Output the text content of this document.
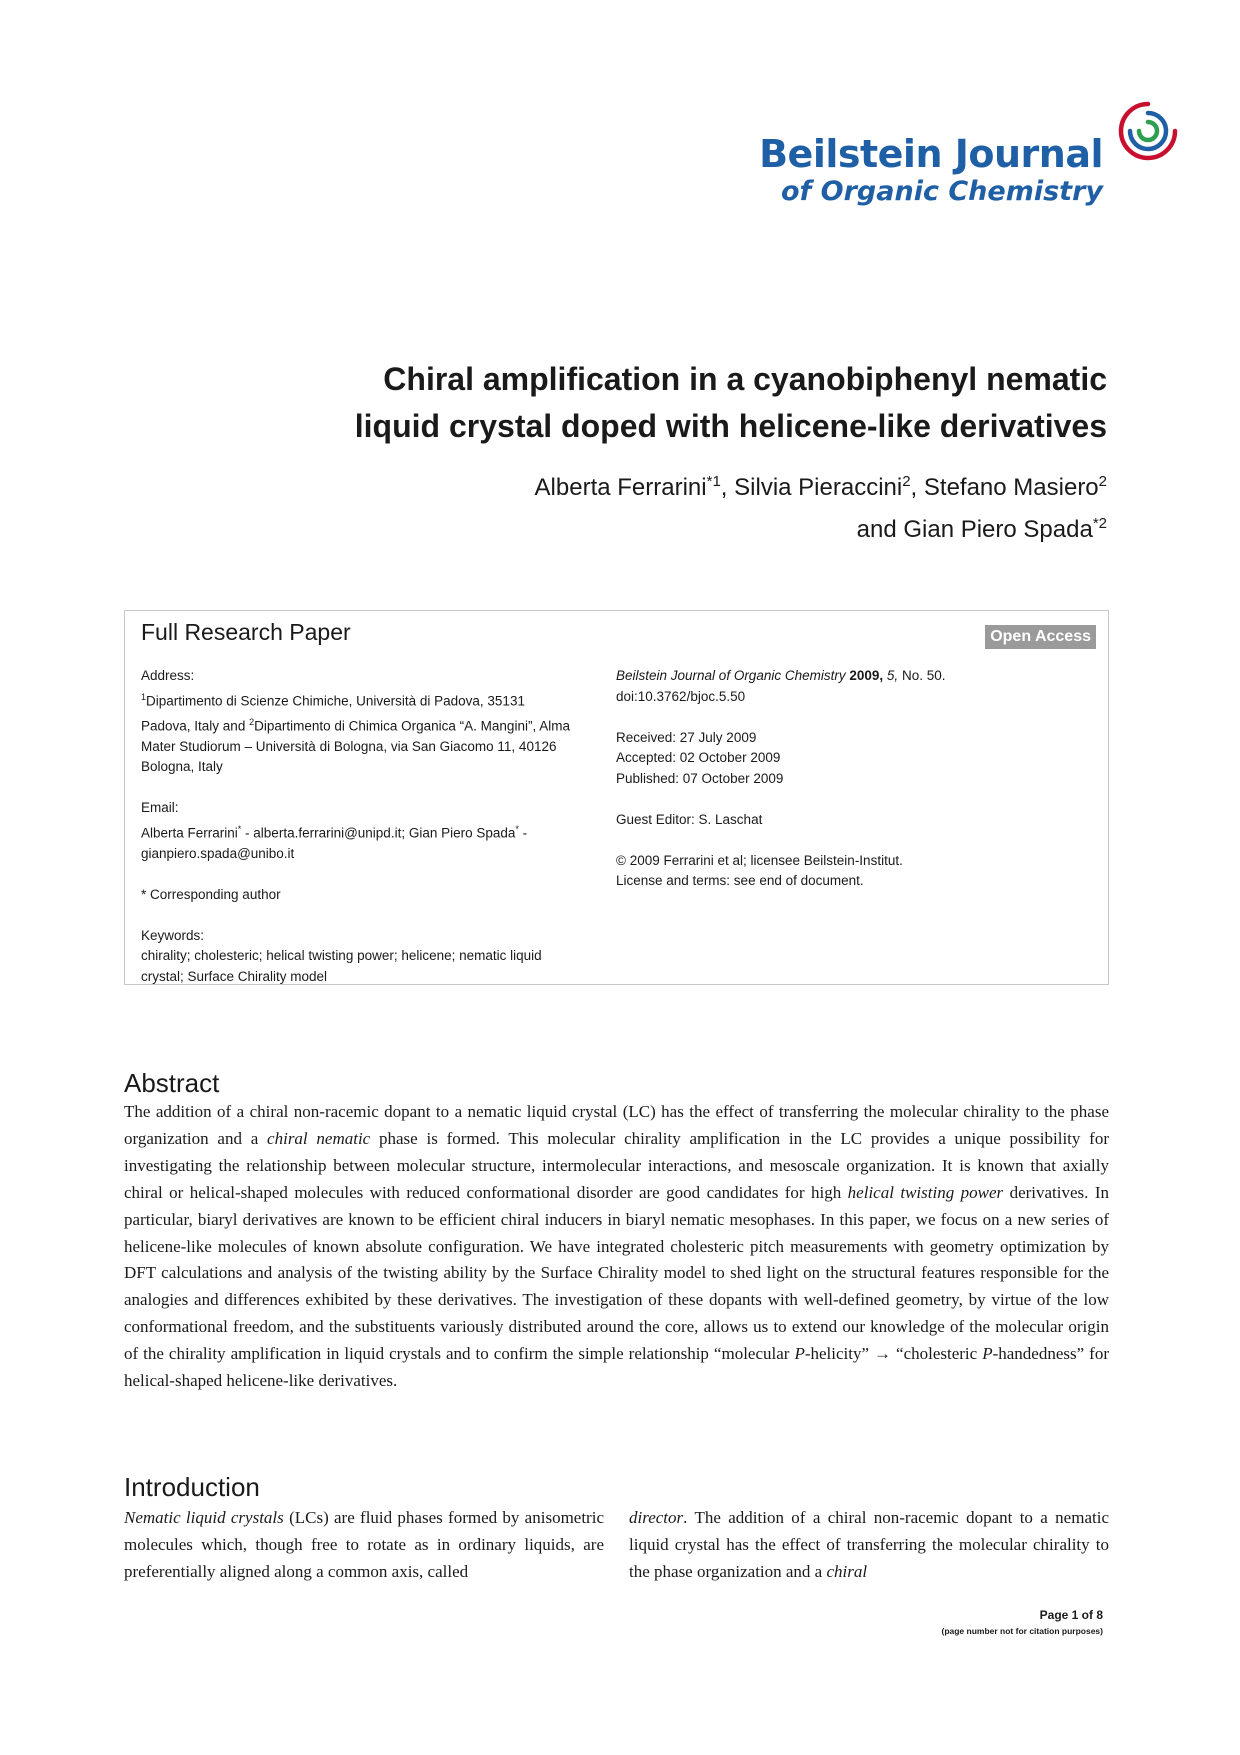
Beilstein Journal
of Organic Chemistry
Chiral amplification in a cyanobiphenyl nematic
liquid crystal doped with helicene-like derivatives
Alberta Ferrarini$^{*1}$, Silvia Pieraccini$^2$, Stefano Masiero$^2$
and Gian Piero Spada$^{*2}$
Full Research Paper	Open Access
Address:
$^1$Dipartimento di Scienze Chimiche, Università di Padova, 35131 Padova, Italy and $^2$Dipartimento di Chimica Organica “A. Mangini”, Alma Mater Studiorum – Università di Bologna, via San Giacomo 11, 40126 Bologna, Italy
Email:
Alberta Ferrarini* - alberta.ferrarini@unipd.it; Gian Piero Spada* - gianpiero.spada@unibo.it
* Corresponding author
Keywords:
chirality; cholesteric; helical twisting power; helicene; nematic liquid crystal; Surface Chirality model
Beilstein Journal of Organic Chemistry 2009, 5, No. 50.
doi:10.3762/bjoc.5.50
Received: 27 July 2009
Accepted: 02 October 2009
Published: 07 October 2009
Guest Editor: S. Laschat
© 2009 Ferrarini et al; licensee Beilstein-Institut.
License and terms: see end of document.
Abstract
The addition of a chiral non-racemic dopant to a nematic liquid crystal (LC) has the effect of transferring the molecular chirality to the phase organization and a chiral nematic phase is formed. This molecular chirality amplification in the LC provides a unique possibility for investigating the relationship between molecular structure, intermolecular interactions, and mesoscale organization. It is known that axially chiral or helical-shaped molecules with reduced conformational disorder are good candidates for high helical twisting power derivatives. In particular, biaryl derivatives are known to be efficient chiral inducers in biaryl nematic mesophases. In this paper, we focus on a new series of helicene-like molecules of known absolute configuration. We have integrated cholesteric pitch measurements with geometry optimization by DFT calculations and analysis of the twisting ability by the Surface Chirality model to shed light on the structural features responsible for the analogies and differences exhibited by these derivatives. The investigation of these dopants with well-defined geometry, by virtue of the low conformational freedom, and the substituents variously distributed around the core, allows us to extend our knowledge of the molecular origin of the chirality amplification in liquid crystals and to confirm the simple relationship “molecular P-helicity” → “cholesteric P-handedness” for helical-shaped helicene-like derivatives.
Introduction
Nematic liquid crystals (LCs) are fluid phases formed by anisometric molecules which, though free to rotate as in ordinary liquids, are preferentially aligned along a common axis, called
director. The addition of a chiral non-racemic dopant to a nematic liquid crystal has the effect of transferring the molecular chirality to the phase organization and a chiral
Page 1 of 8
(page number not for citation purposes)
